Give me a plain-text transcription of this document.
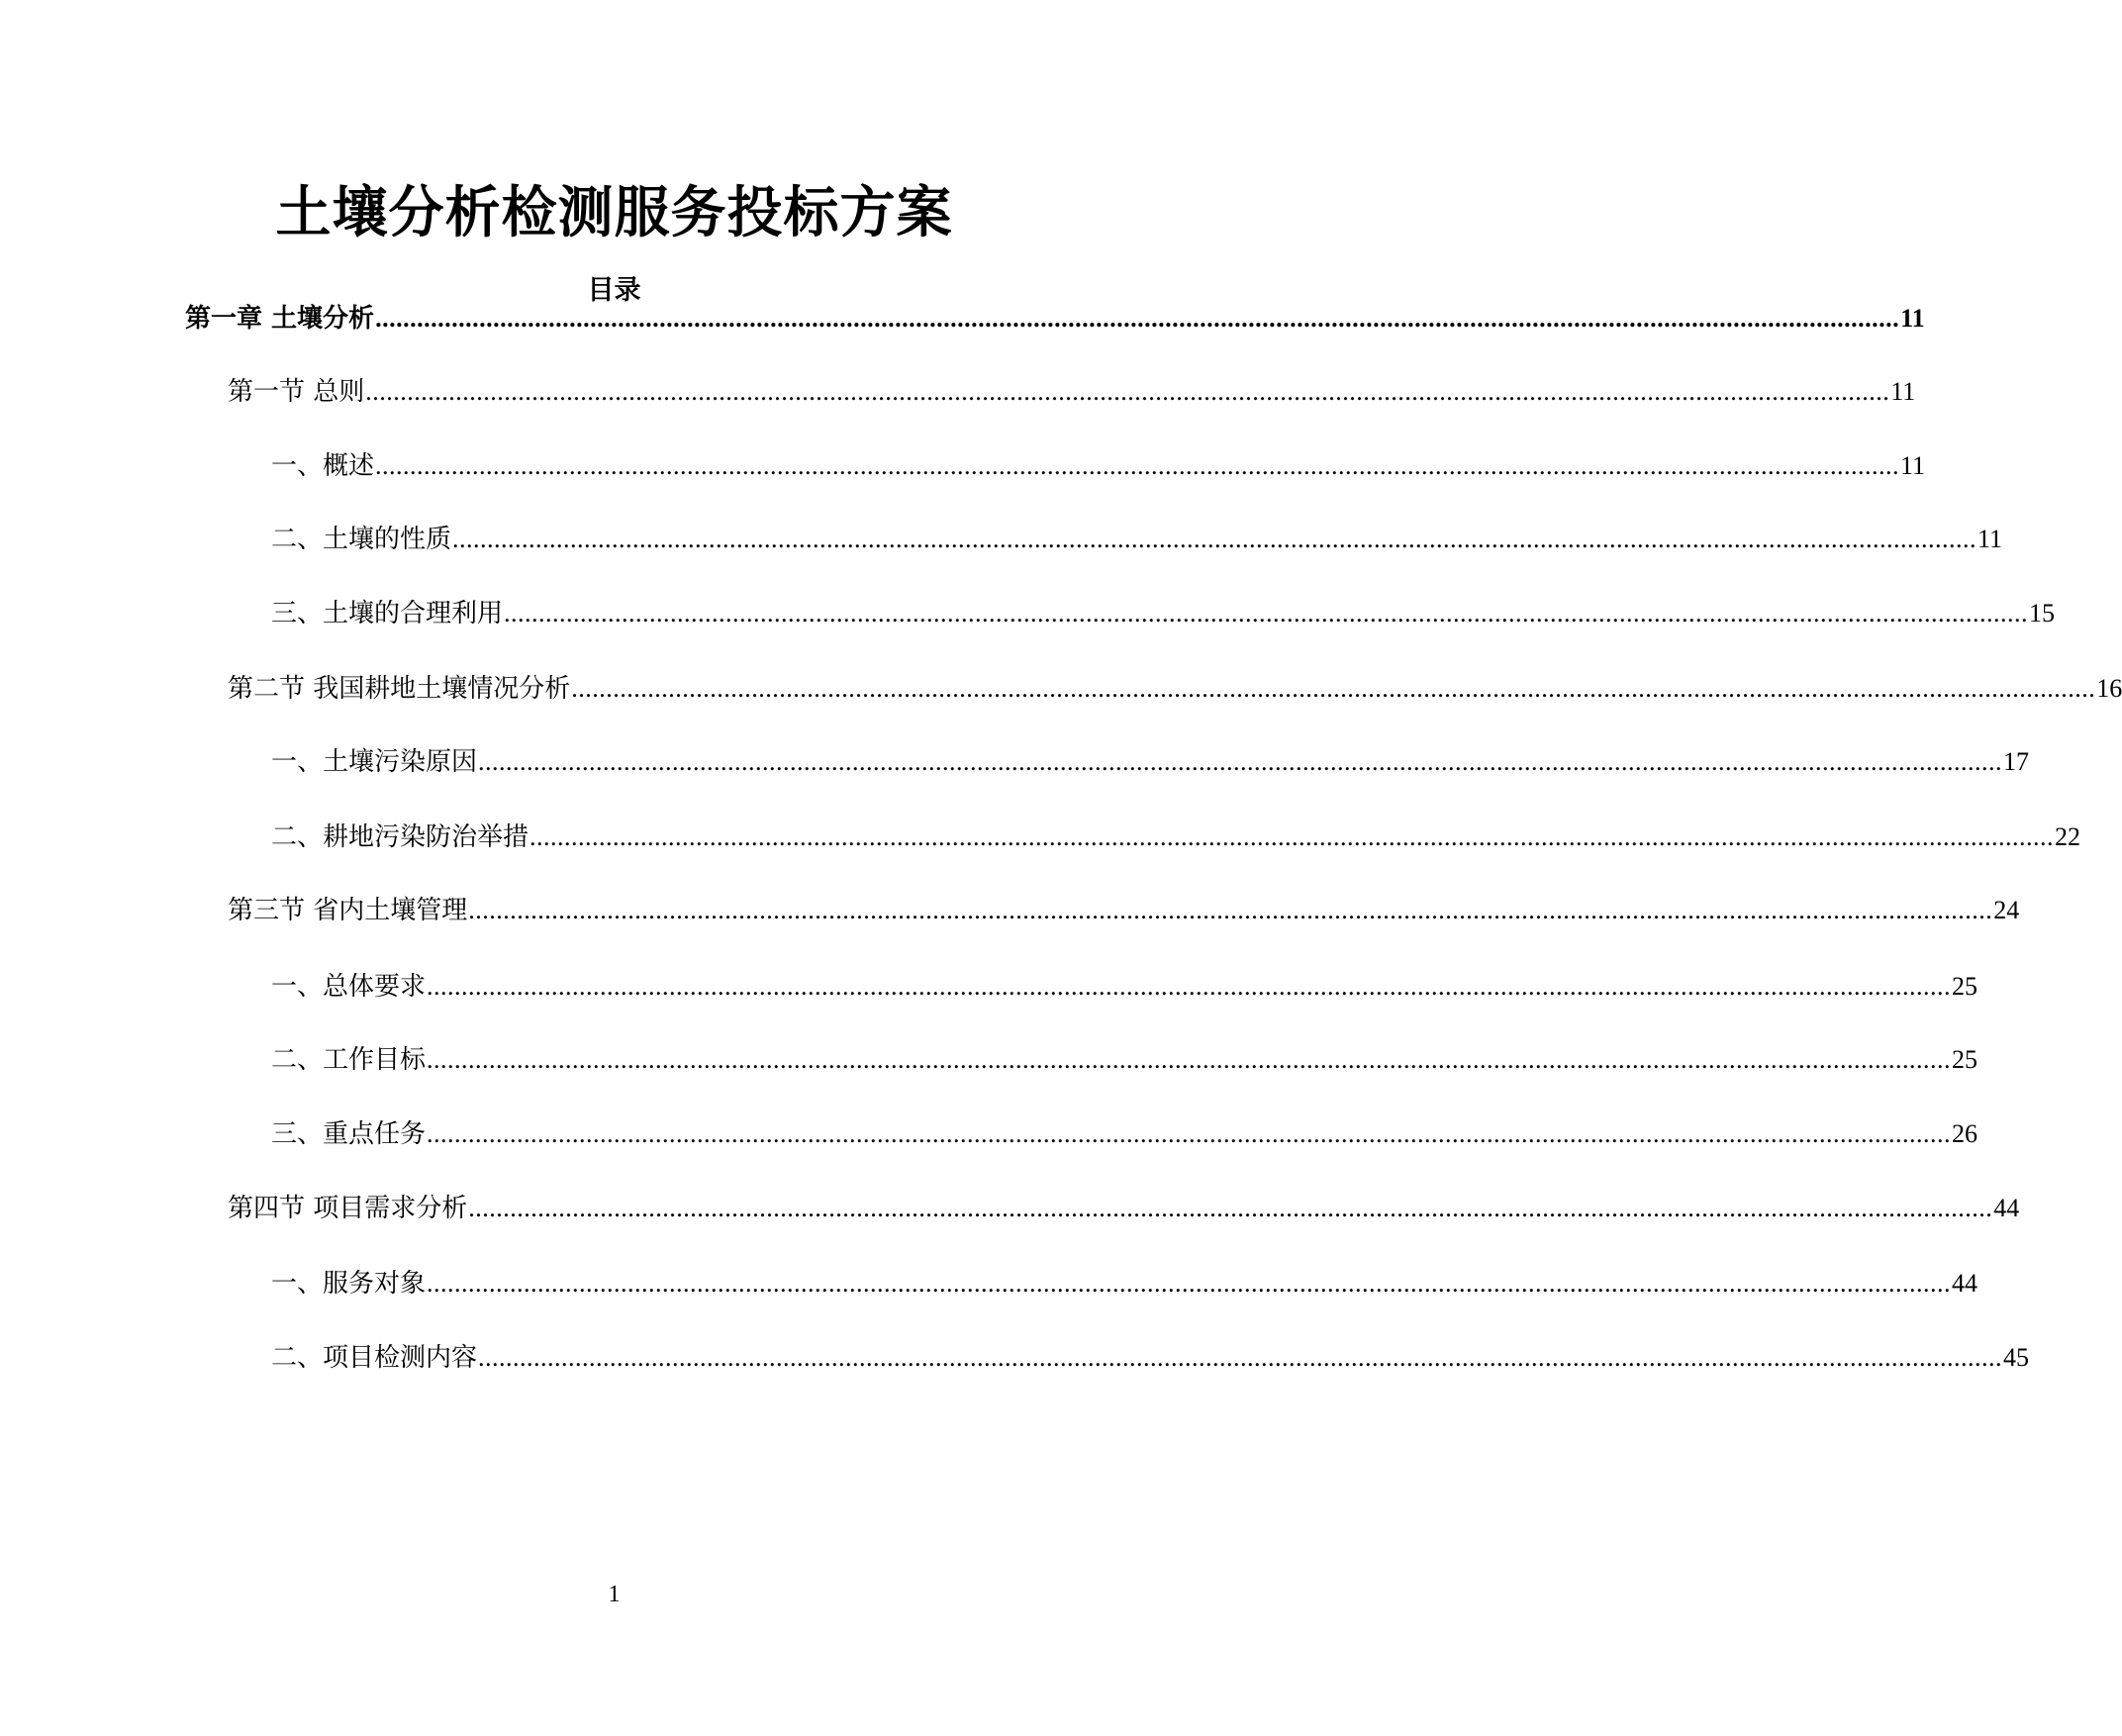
土壤分析检测服务投标方案
目录
第一章 土壤分析 ............................................................................................................................................................................................................................ 11
第一节 总则 ............................................................................................................................................................................................................................ 11
一、概述 ............................................................................................................................................................................................................................ 11
二、土壤的性质 ............................................................................................................................................................................................................................ 11
三、土壤的合理利用 ............................................................................................................................................................................................................................ 15
第二节 我国耕地土壤情况分析 ............................................................................................................................................................................................................................ 16
一、土壤污染原因 ............................................................................................................................................................................................................................ 17
二、耕地污染防治举措 ............................................................................................................................................................................................................................ 22
第三节 省内土壤管理 ............................................................................................................................................................................................................................ 24
一、总体要求 ............................................................................................................................................................................................................................ 25
二、工作目标 ............................................................................................................................................................................................................................ 25
三、重点任务 ............................................................................................................................................................................................................................ 26
第四节 项目需求分析 ............................................................................................................................................................................................................................ 44
一、服务对象 ............................................................................................................................................................................................................................ 44
二、项目检测内容 ............................................................................................................................................................................................................................ 45

1
